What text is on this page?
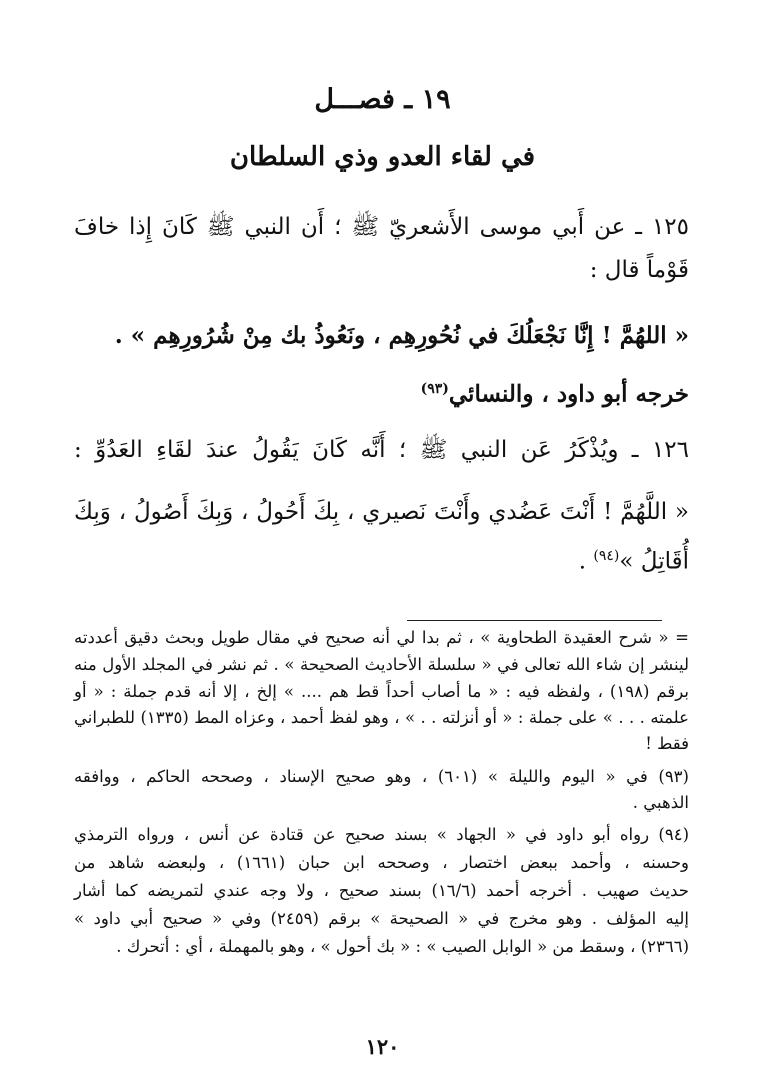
١٩ ـ فصـــل
في لقاء العدو وذي السلطان
١٢٥ ـ عن أَبي موسى الأَشعريّ ﷺ ؛ أَن النبي ﷺ كَانَ إِذا خافَ
قَوْماً قال :
« اللهُمَّ ! إِنَّا نَجْعَلُكَ في نُحُورِهِم ، ونَعُوذُ بك مِنْ شُرُورِهِم » .
خرجه أبو داود ، والنسائي$^{(٩٣)}$
١٢٦ ـ ويُذْكَرُ عَن النبي ﷺ ؛ أَنَّه كَانَ يَقُولُ عندَ لقَاءِ العَدُوِّ :
« اللَّهُمَّ ! أَنْتَ عَضُدي وأَنْتَ نَصيري ، بِكَ أَحُولُ ، وَبِكَ أَصُولُ ، وَبِكَ
أُقَاتِلُ »$^{(٩٤)}$ .
= « شرح العقيدة الطحاوية » ، ثم بدا لي أنه صحيح في مقال طويل وبحث دقيق أعددته
لينشر إن شاء الله تعالى في « سلسلة الأحاديث الصحيحة » . ثم نشر في المجلد الأول منه
برقم (١٩٨) ، ولفظه فيه : « ما أصاب أحداً قط هم .... » إلخ ، إلا أنه قدم جملة : « أو
علمته . . . » على جملة : « أو أنزلته . . » ، وهو لفظ أحمد ، وعزاه المط (١٣٣٥) للطبراني
فقط !
(٩٣) في « اليوم والليلة » (٦٠١) ، وهو صحيح الإسناد ، وصححه الحاكم ، ووافقه
الذهبي .
(٩٤) رواه أبو داود في « الجهاد » بسند صحيح عن قتادة عن أنس ، ورواه الترمذي
وحسنه ، وأحمد ببعض اختصار ، وصححه ابن حبان (١٦٦١) ، ولبعضه شاهد من
حديث صهيب . أخرجه أحمد (١٦/٦) بسند صحيح ، ولا وجه عندي لتمريضه كما أشار
إليه المؤلف . وهو مخرج في « الصحيحة » برقم (٢٤٥٩) وفي « صحيح أبي داود »
(٢٣٦٦) ، وسقط من « الوابل الصيب » : « بك أحول » ، وهو بالمهملة ، أي : أتحرك .
١٢٠
